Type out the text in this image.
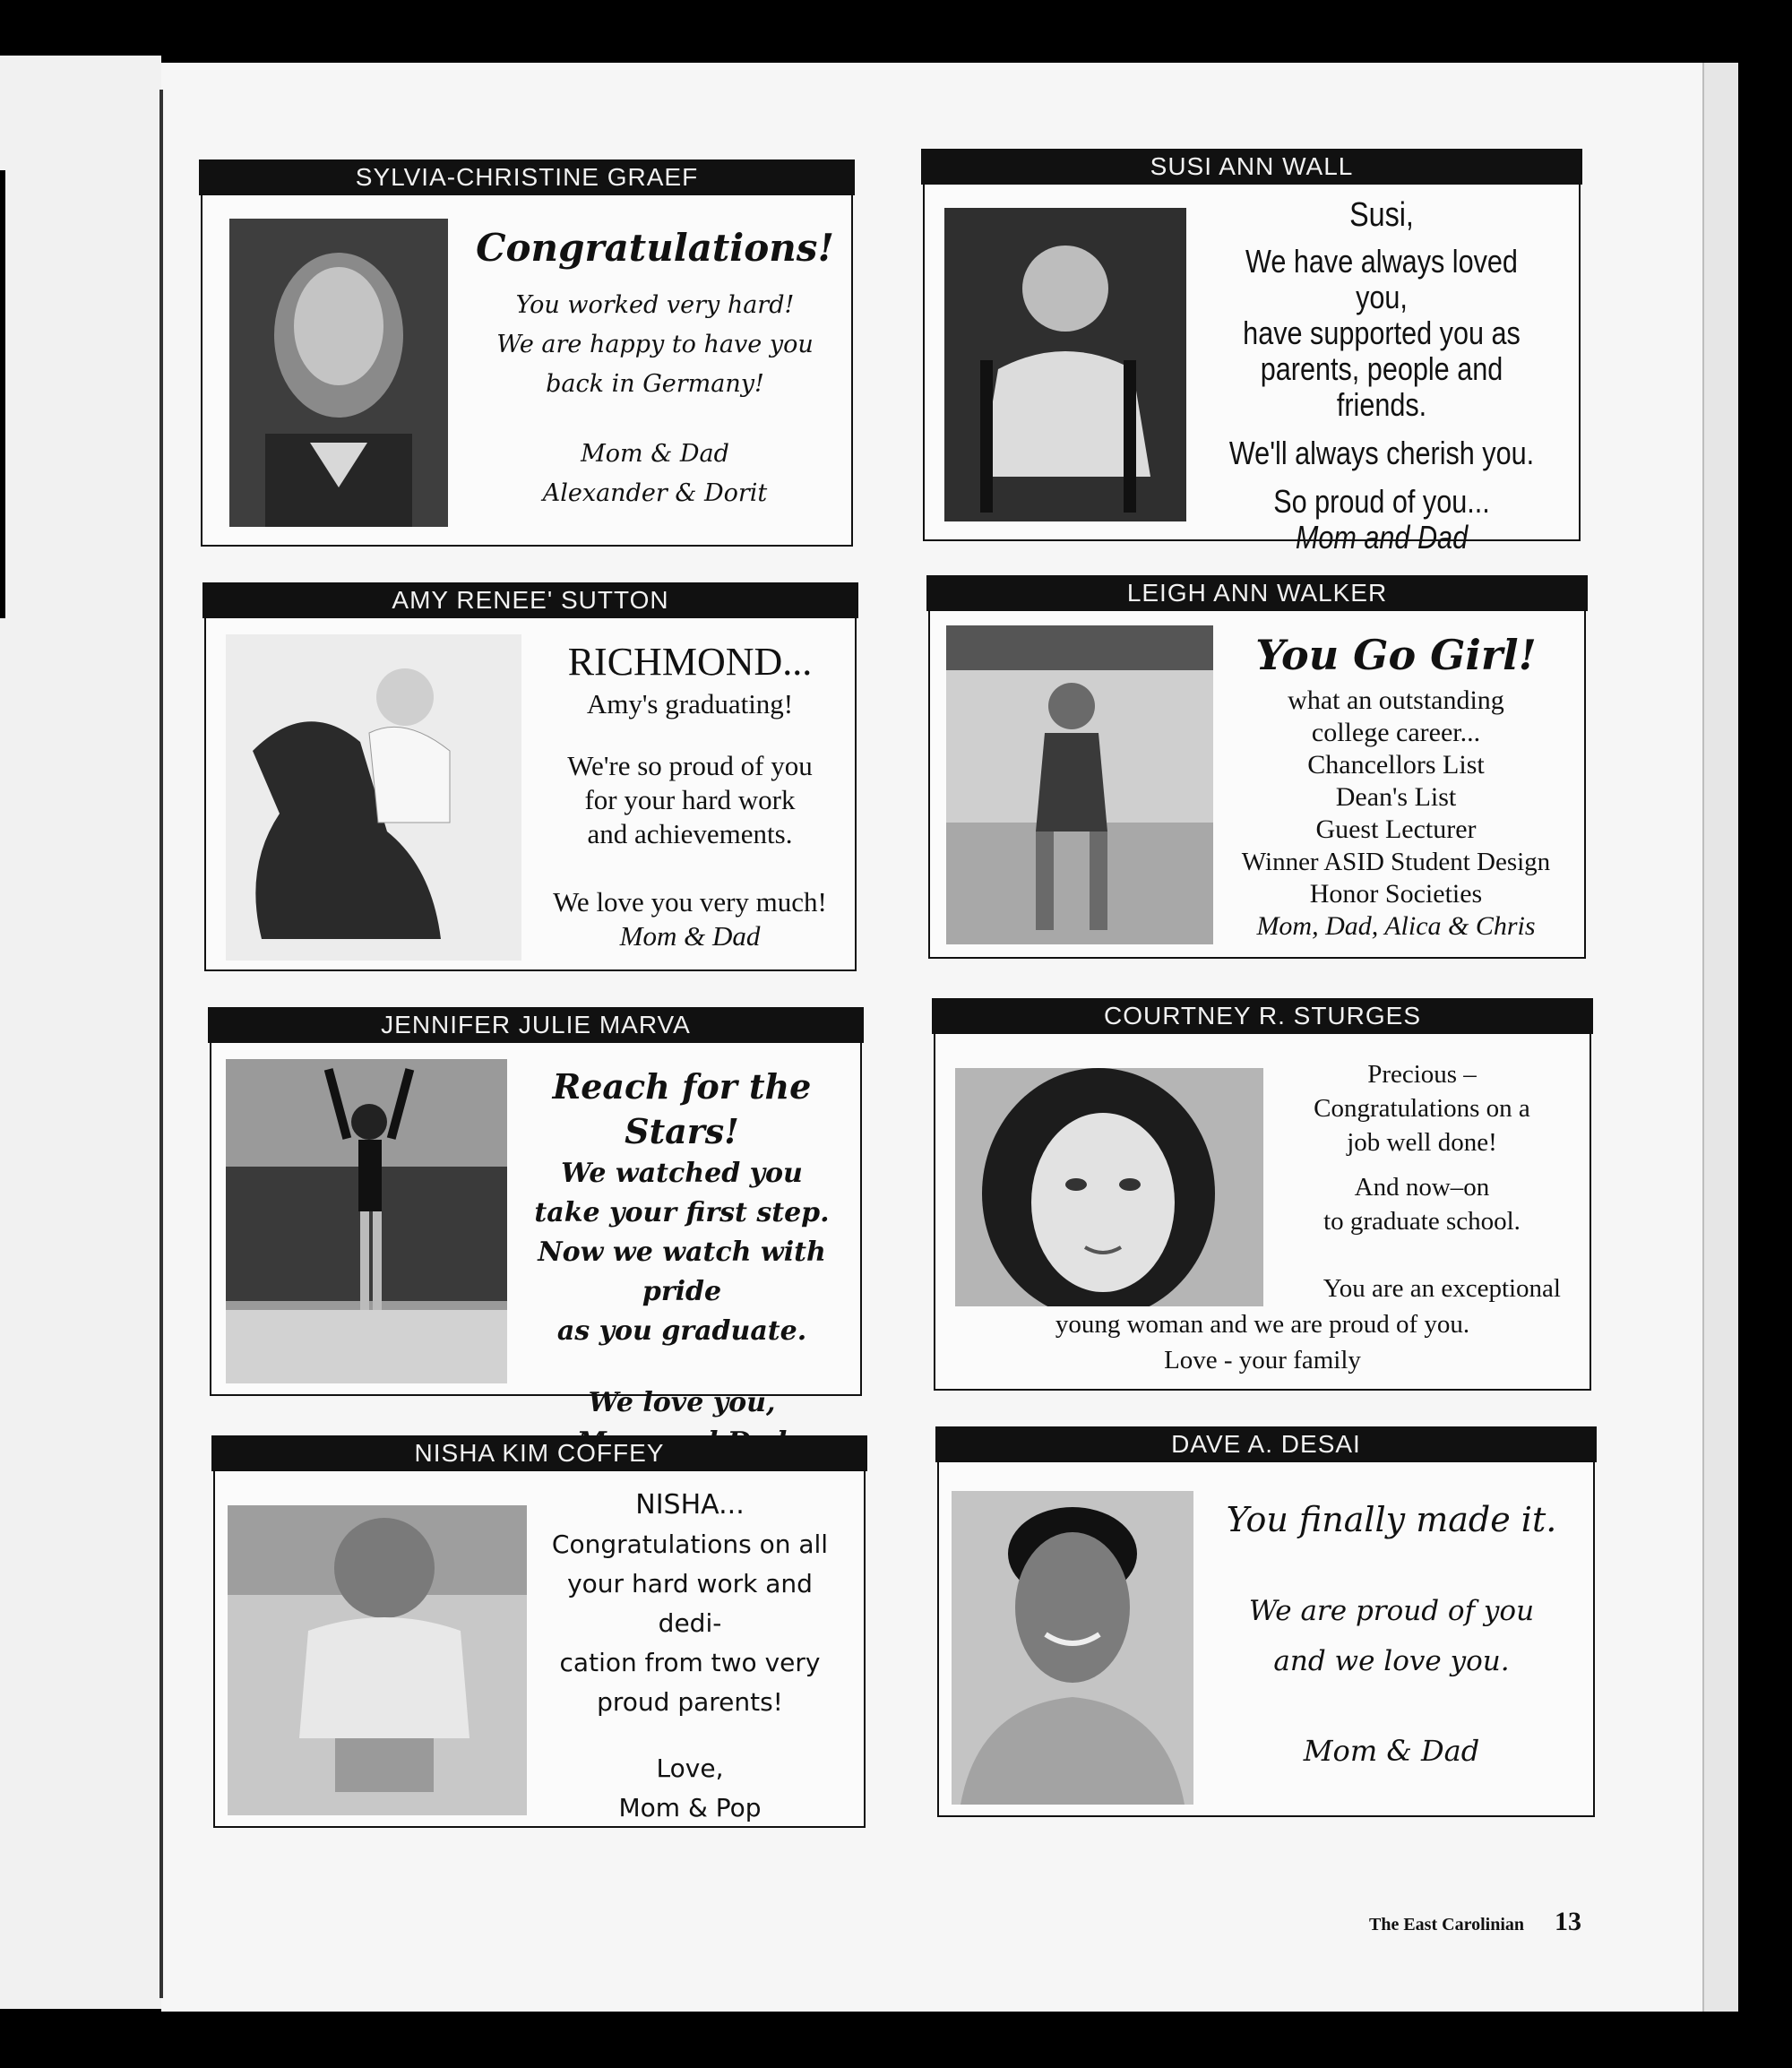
SYLVIA-CHRISTINE GRAEF

Congratulations!

You worked very hard!

We are happy to have you

back in Germany!

Mom & Dad

Alexander & Dorit

SUSI ANN WALL

Susi,

We have always loved you,

have supported you as

parents, people and

friends.

We'll always cherish you.

So proud of you...

Mom and Dad

AMY RENEE' SUTTON

RICHMOND...

Amy's graduating!

We're so proud of you

for your hard work

and achievements.

We love you very much!

Mom & Dad

LEIGH ANN WALKER

You Go Girl!

what an outstanding

college career...

Chancellors List

Dean's List

Guest Lecturer

Winner ASID Student Design

Honor Societies

Mom, Dad, Alica & Chris

JENNIFER JULIE MARVA

Reach for the Stars!

We watched you

take your first step.

Now we watch with pride

as you graduate.

We love you,

COURTNEY R. STURGES

Precious –

Congratulations on a

job well done!

And now–on

to graduate school.

You are an exceptional

young woman and we are proud of you.

Love - your family

NISHA KIM COFFEY

NISHA...

Congratulations on all

your hard work and dedi-

cation from two very

proud parents!

Love,

Mom & Pop

DAVE A. DESAI

You finally made it.

We are proud of you

and we love you.

Mom & Dad

The East Carolinian 13
